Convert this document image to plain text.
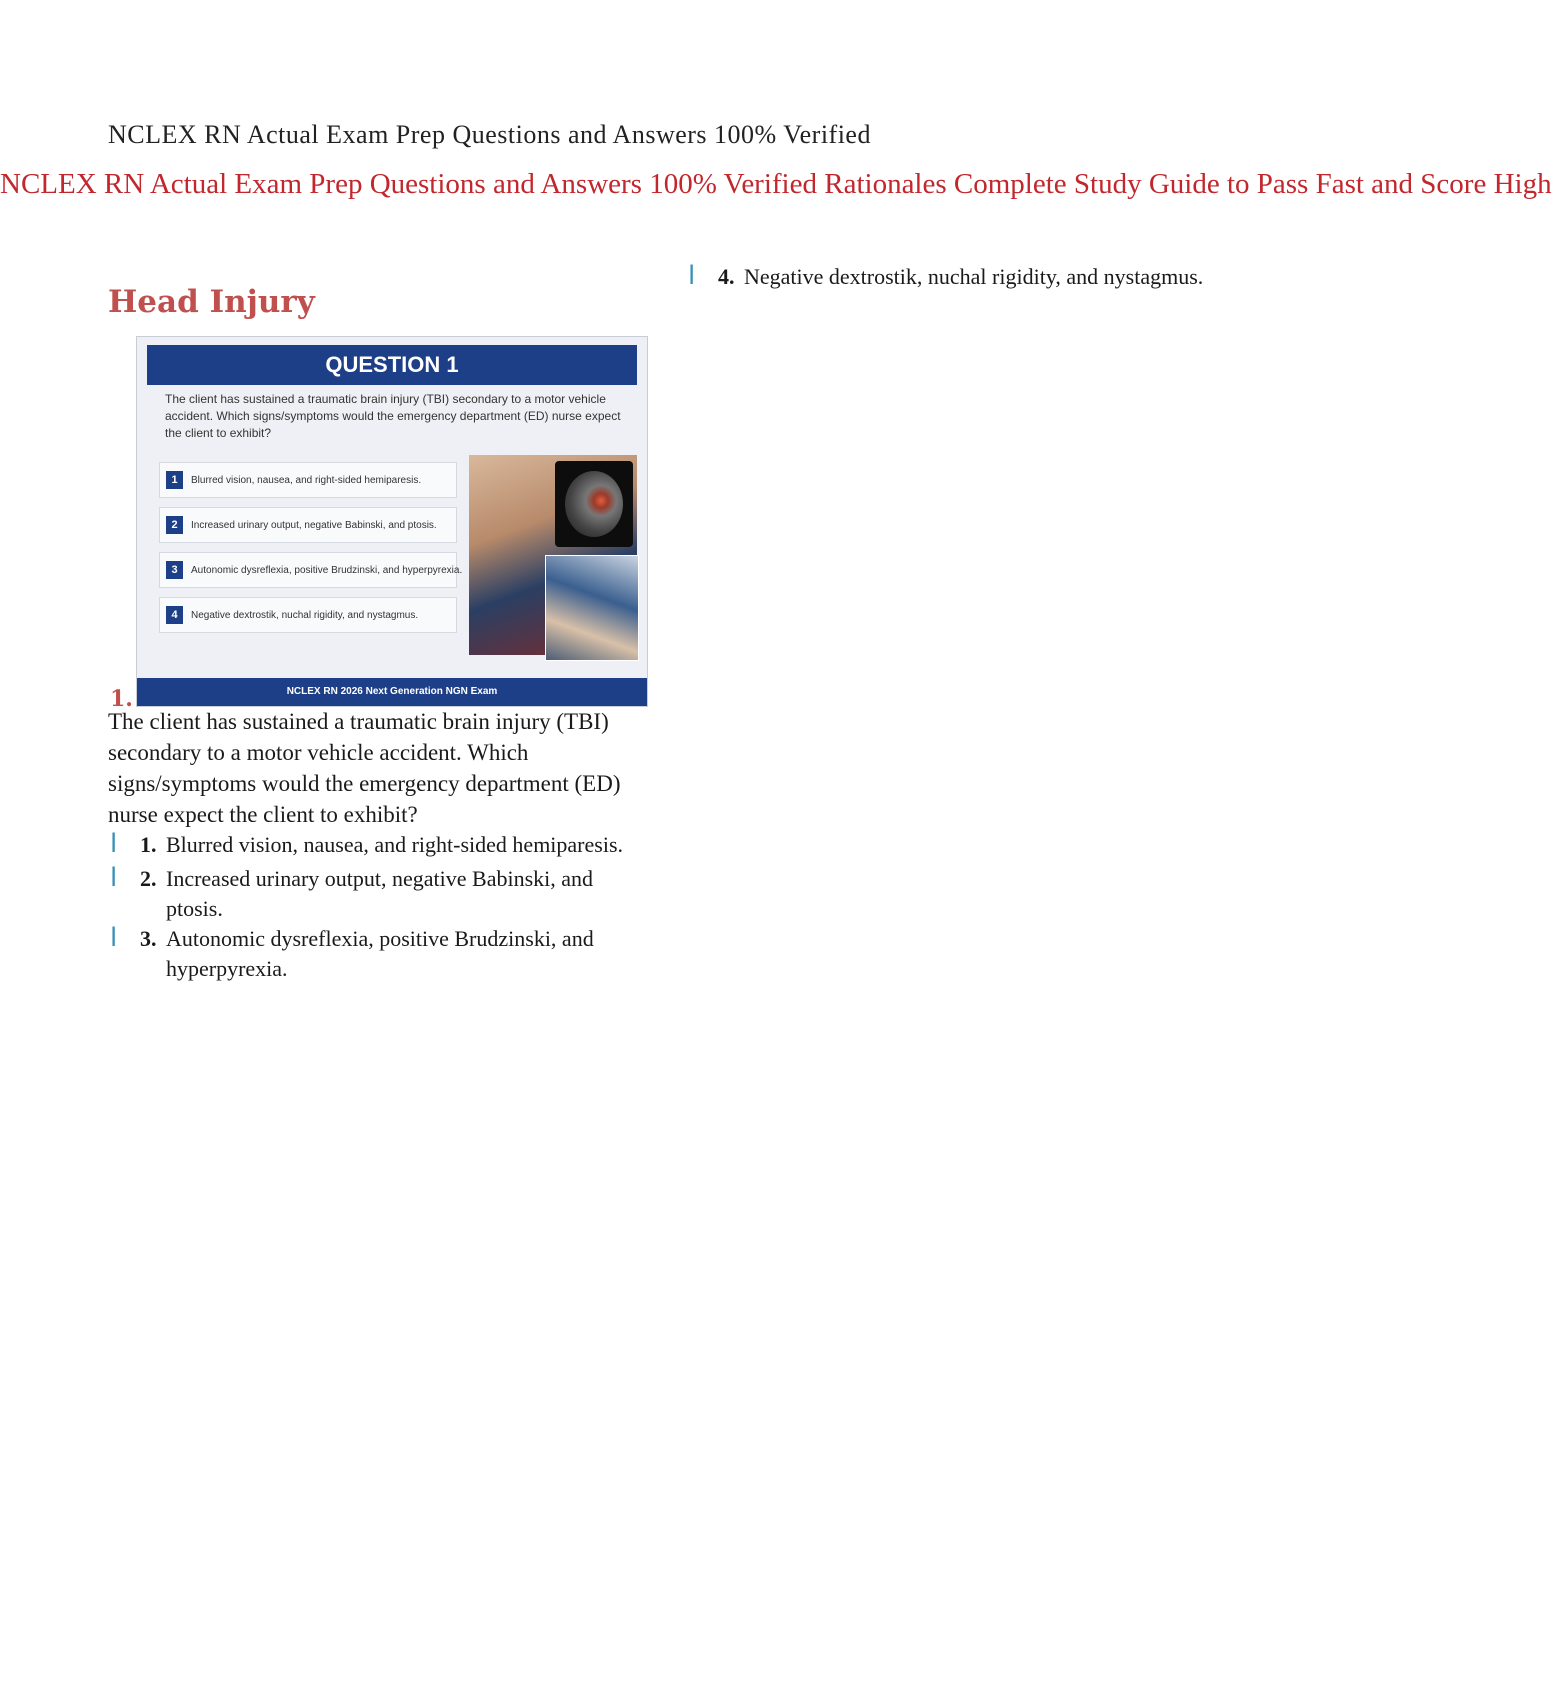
NCLEX RN Actual Exam Prep Questions and Answers 100% Verified
NCLEX RN Actual Exam Prep Questions and Answers 100% Verified Rationales Complete Study Guide to Pass Fast and Score High
Head Injury
QUESTION 1
The client has sustained a traumatic brain injury (TBI) secondary to a motor vehicle accident. Which signs/symptoms would the emergency department (ED) nurse expect the client to exhibit?
1	Blurred vision, nausea, and right-sided hemiparesis.
2	Increased urinary output, negative Babinski, and ptosis.
3	Autonomic dysreflexia, positive Brudzinski, and hyperpyrexia.
4	Negative dextrostik, nuchal rigidity, and nystagmus.
NCLEX RN 2026 Next Generation NGN Exam
1.
The client has sustained a traumatic brain injury (TBI) secondary to a motor vehicle accident. Which signs/symptoms would the emergency department (ED) nurse expect the client to exhibit?
l	1. Blurred vision, nausea, and right-sided hemiparesis.
l	2. Increased urinary output, negative Babinski, and ptosis.
l	3. Autonomic dysreflexia, positive Brudzinski, and hyperpyrexia.
l	4. Negative dextrostik, nuchal rigidity, and nystagmus.
